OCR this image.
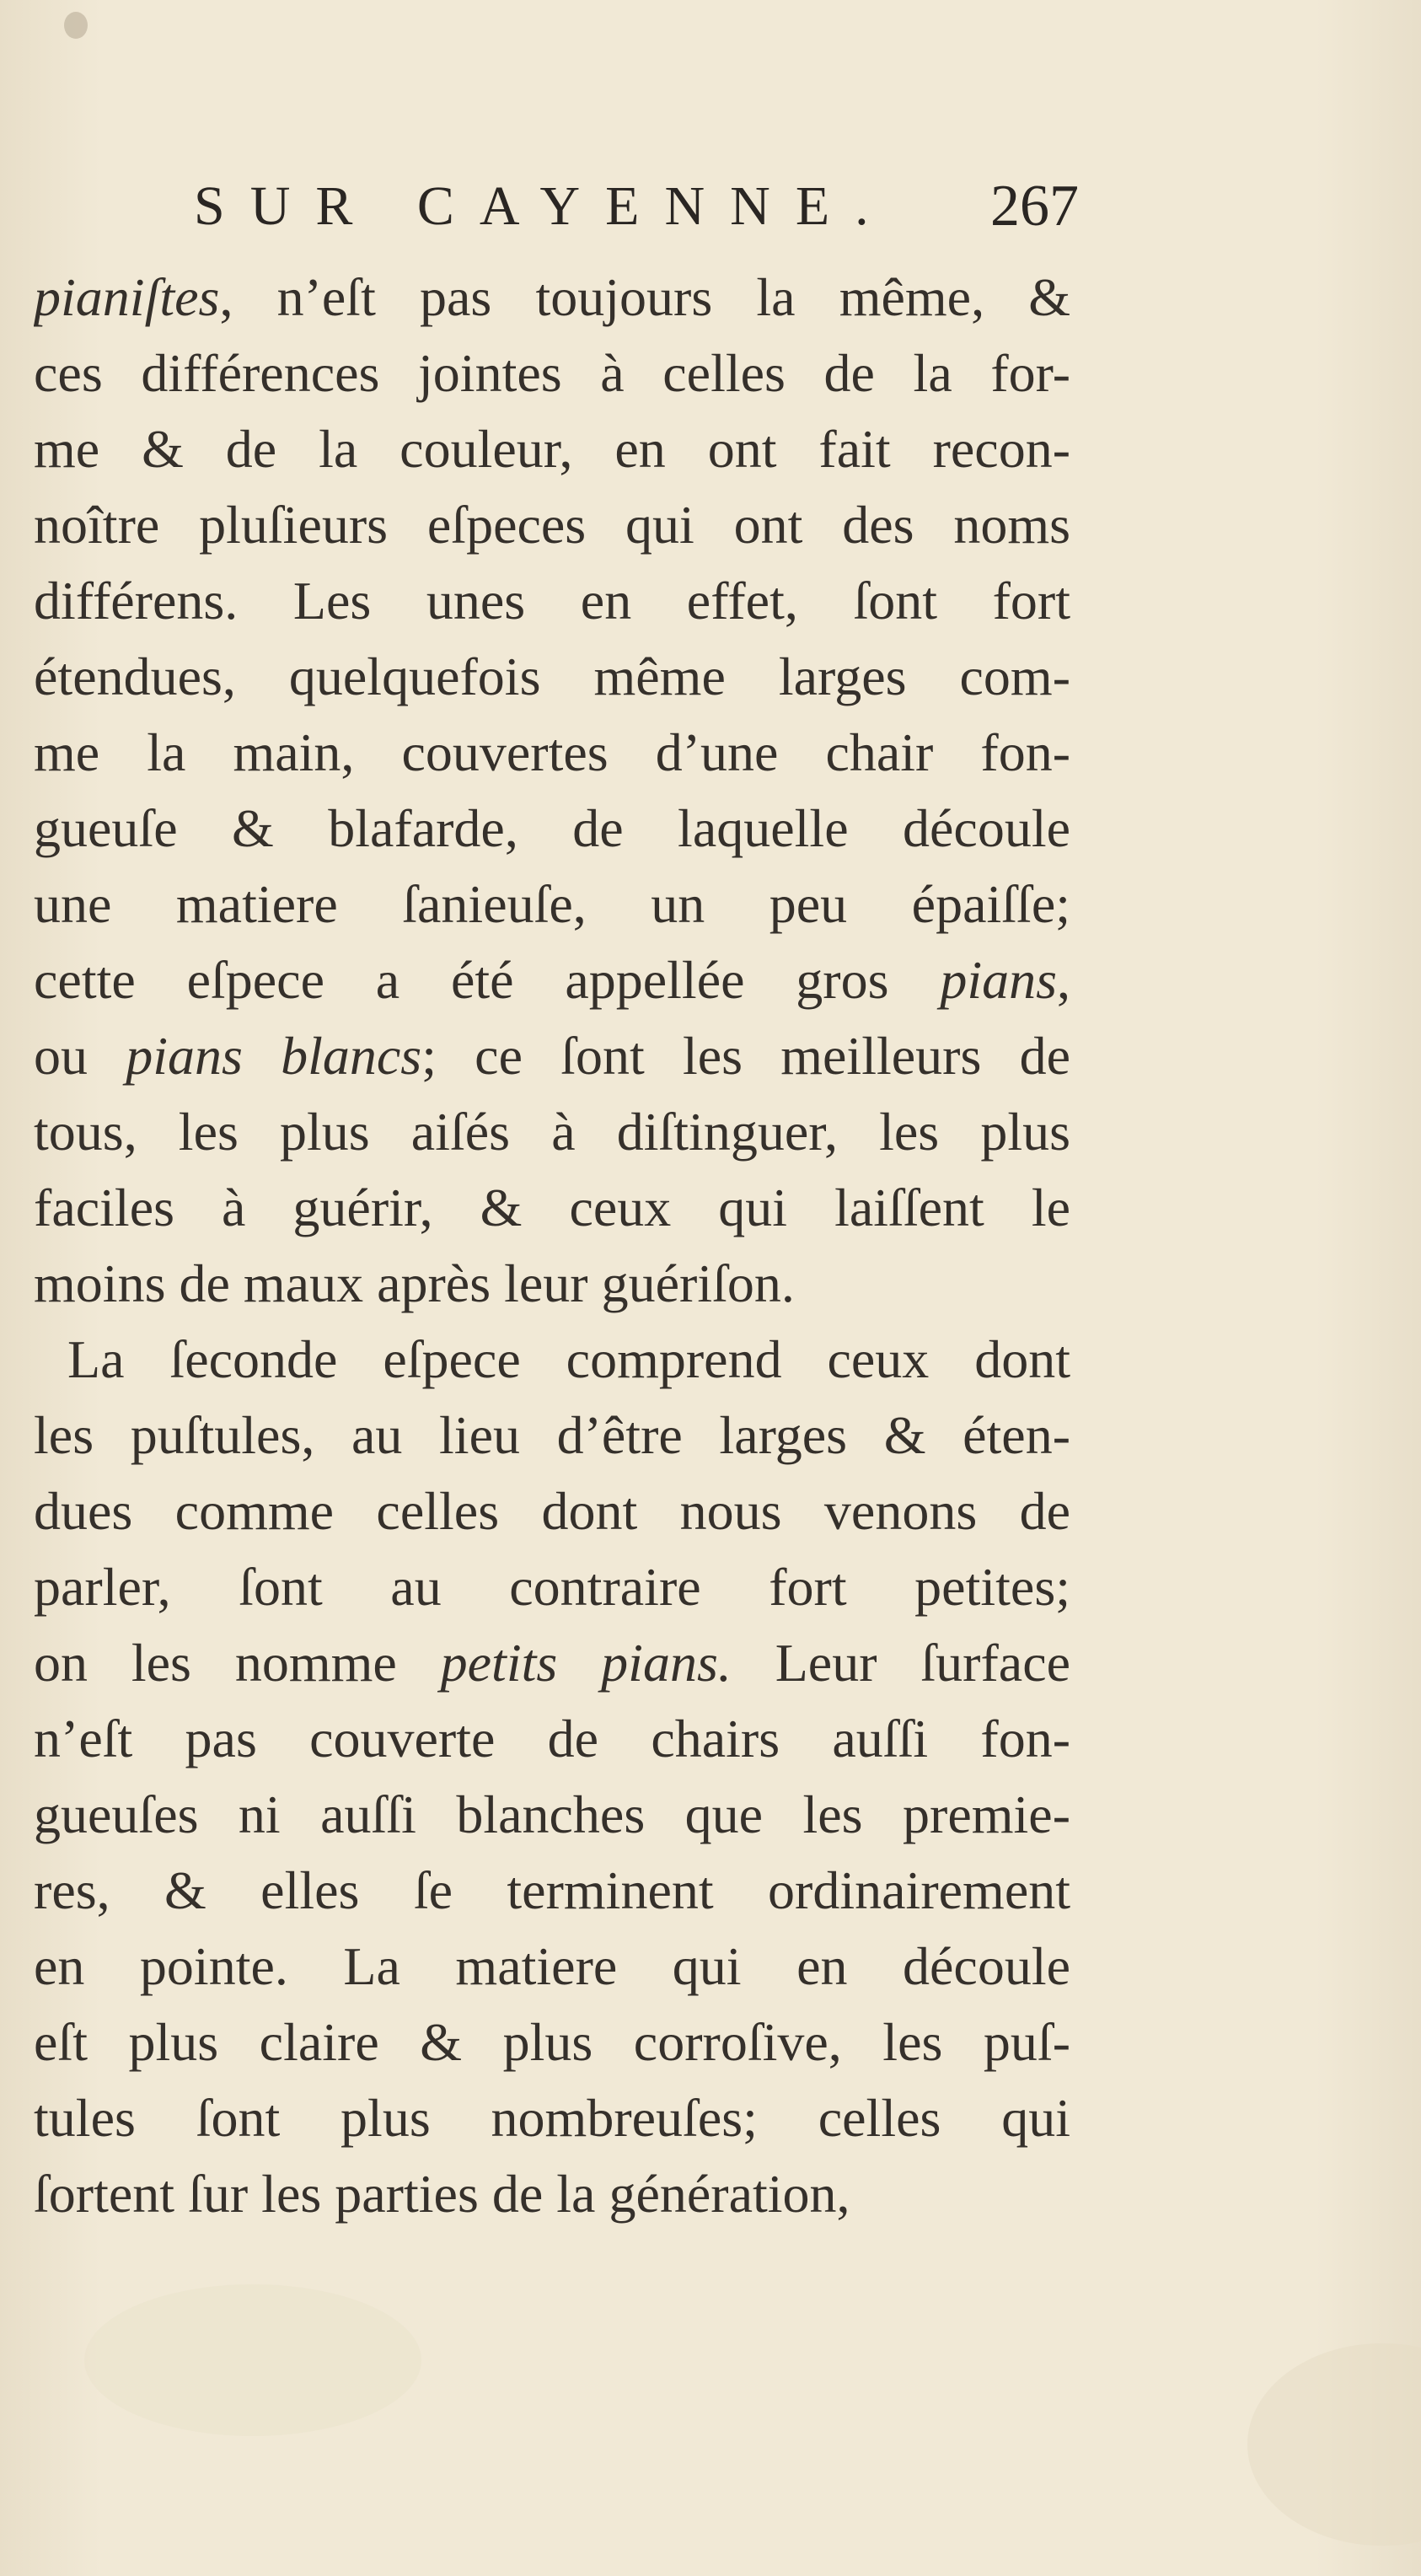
SUR CAYENNE.	267
pianiſtes, n’eſt pas toujours la même, &
ces différences jointes à celles de la for-
me & de la couleur, en ont fait recon-
noître pluſieurs eſpeces qui ont des noms
différens. Les unes en effet, ſont fort
étendues, quelquefois même larges com-
me la main, couvertes d’une chair fon-
gueuſe & blafarde, de laquelle découle
une matiere ſanieuſe, un peu épaiſſe;
cette eſpece a été appellée gros pians,
ou pians blancs; ce ſont les meilleurs de
tous, les plus aiſés à diſtinguer, les plus
faciles à guérir, & ceux qui laiſſent le
moins de maux après leur guériſon.
La ſeconde eſpece comprend ceux dont
les puſtules, au lieu d’être larges & éten-
dues comme celles dont nous venons de
parler, ſont au contraire fort petites;
on les nomme petits pians. Leur ſurface
n’eſt pas couverte de chairs auſſi fon-
gueuſes ni auſſi blanches que les premie-
res, & elles ſe terminent ordinairement
en pointe. La matiere qui en découle
eſt plus claire & plus corroſive, les puſ-
tules ſont plus nombreuſes; celles qui
ſortent ſur les parties de la génération,
